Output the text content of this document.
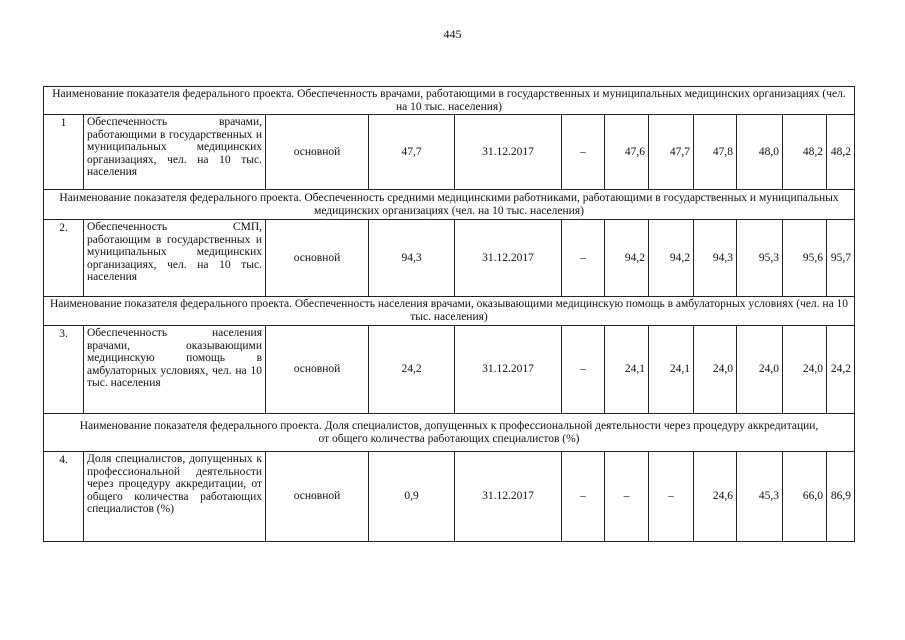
445
Наименование показателя федерального проекта. Обеспеченность врачами, работающими в государственных и муниципальных медицинских организациях (чел. на 10 тыс. населения)											
1	Обеспеченность врачами, работающими в государственных и муниципальных медицинских организациях, чел. на 10 тыс. населения	основной	47,7	31.12.2017	–	47,6	47,7	47,8	48,0	48,2	48,2
Наименование показателя федерального проекта. Обеспеченность средними медицинскими работниками, работающими в государственных и муниципальных медицинских организациях (чел. на 10 тыс. населения)											
2.	Обеспеченность СМП, работающим в государственных и муниципальных медицинских организациях, чел. на 10 тыс. населения	основной	94,3	31.12.2017	–	94,2	94,2	94,3	95,3	95,6	95,7
Наименование показателя федерального проекта. Обеспеченность населения врачами, оказывающими медицинскую помощь в амбулаторных условиях (чел. на 10 тыс. населения)											
3.	Обеспеченность населения врачами, оказывающими медицинскую помощь в амбулаторных условиях, чел. на 10 тыс. населения	основной	24,2	31.12.2017	–	24,1	24,1	24,0	24,0	24,0	24,2
Наименование показателя федерального проекта. Доля специалистов, допущенных к профессиональной деятельности через процедуру аккредитации, от общего количества работающих специалистов (%)											
4.	Доля специалистов, допущенных к профессиональной деятельности через процедуру аккредитации, от общего количества работающих специалистов (%)	основной	0,9	31.12.2017	–	–	–	24,6	45,3	66,0	86,9
